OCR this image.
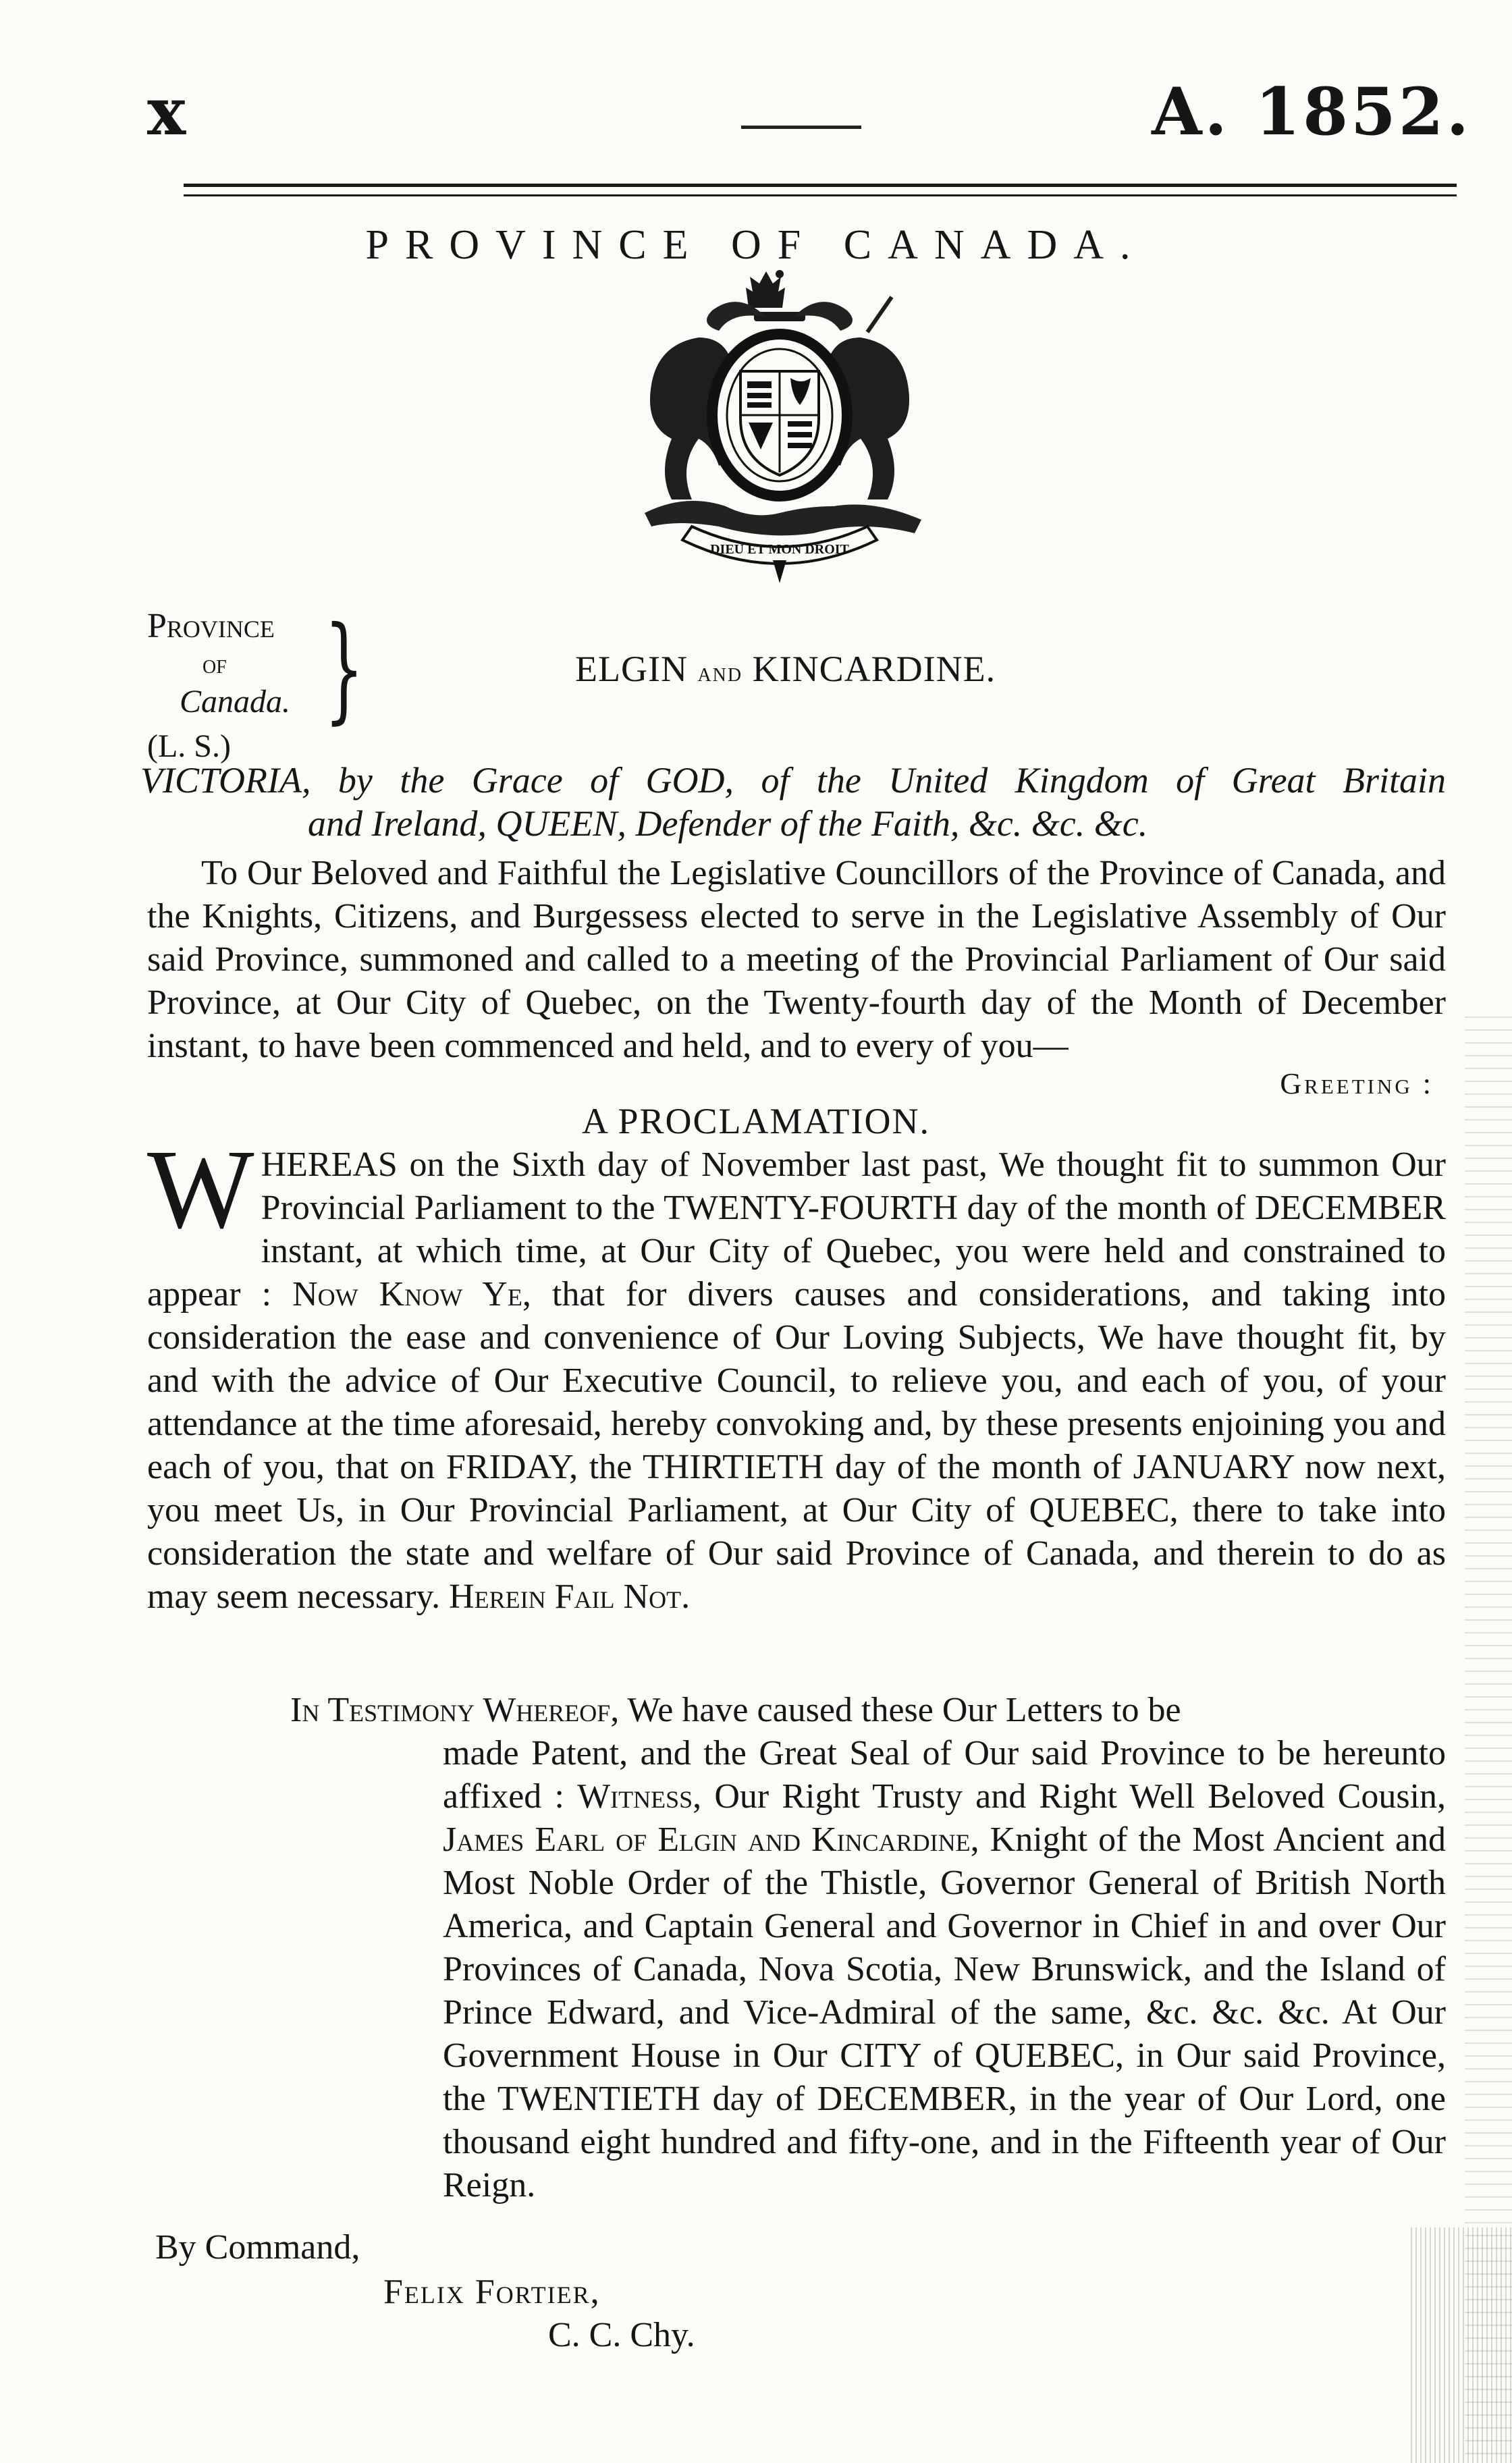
x	A. 1852.
PROVINCE OF CANADA.
DIEU ET MON DROIT
Province
of
Canada. }	ELGIN and KINCARDINE.
(L. S.)
VICTORIA, by the Grace of GOD, of the United Kingdom of Great Britain
and Ireland, QUEEN, Defender of the Faith, &c. &c. &c.
To Our Beloved and Faithful the Legislative Councillors of the Province of Canada, and the Knights, Citizens, and Burgessess elected to serve in the Legislative Assembly of Our said Province, summoned and called to a meeting of the Provincial Parliament of Our said Province, at Our City of Quebec, on the Twenty-fourth day of the Month of December instant, to have been commenced and held, and to every of you—
Greeting :
A PROCLAMATION.
WHEREAS on the Sixth day of November last past, We thought fit to summon Our Provincial Parliament to the TWENTY-FOURTH day of the month of DECEMBER instant, at which time, at Our City of Quebec, you were held and constrained to appear : Now Know Ye, that for divers causes and considerations, and taking into consideration the ease and convenience of Our Loving Subjects, We have thought fit, by and with the advice of Our Executive Council, to relieve you, and each of you, of your attendance at the time aforesaid, hereby convoking and, by these presents enjoining you and each of you, that on FRIDAY, the THIRTIETH day of the month of JANUARY now next, you meet Us, in Our Provincial Parliament, at Our City of QUEBEC, there to take into consideration the state and welfare of Our said Province of Canada, and therein to do as may seem necessary. Herein Fail Not.
In Testimony Whereof, We have caused these Our Letters to be
made Patent, and the Great Seal of Our said Province to be hereunto affixed : Witness, Our Right Trusty and Right Well Beloved Cousin, James Earl of Elgin and Kincardine, Knight of the Most Ancient and Most Noble Order of the Thistle, Governor General of British North America, and Captain General and Governor in Chief in and over Our Provinces of Canada, Nova Scotia, New Brunswick, and the Island of Prince Edward, and Vice-Admiral of the same, &c. &c. &c. At Our Government House in Our CITY of QUEBEC, in Our said Province, the TWENTIETH day of DECEMBER, in the year of Our Lord, one thousand eight hundred and fifty-one, and in the Fifteenth year of Our Reign.
By Command,
Felix Fortier,
C. C. Chy.
